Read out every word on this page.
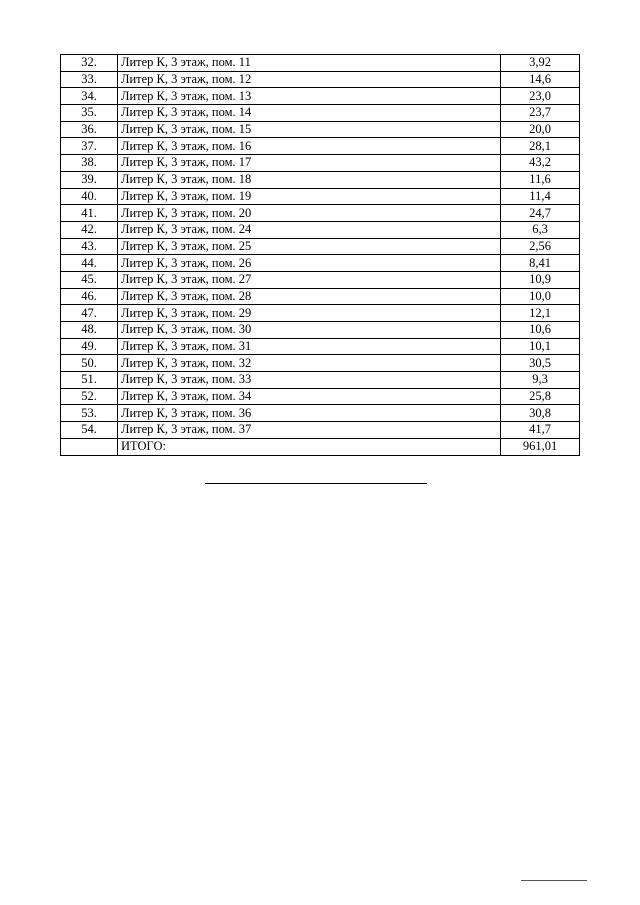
32.	Литер К, 3 этаж, пом. 11	3,92
33.	Литер К, 3 этаж, пом. 12	14,6
34.	Литер К, 3 этаж, пом. 13	23,0
35.	Литер К, 3 этаж, пом. 14	23,7
36.	Литер К, 3 этаж, пом. 15	20,0
37.	Литер К, 3 этаж, пом. 16	28,1
38.	Литер К, 3 этаж, пом. 17	43,2
39.	Литер К, 3 этаж, пом. 18	11,6
40.	Литер К, 3 этаж, пом. 19	11,4
41.	Литер К, 3 этаж, пом. 20	24,7
42.	Литер К, 3 этаж, пом. 24	6,3
43.	Литер К, 3 этаж, пом. 25	2,56
44.	Литер К, 3 этаж, пом. 26	8,41
45.	Литер К, 3 этаж, пом. 27	10,9
46.	Литер К, 3 этаж, пом. 28	10,0
47.	Литер К, 3 этаж, пом. 29	12,1
48.	Литер К, 3 этаж, пом. 30	10,6
49.	Литер К, 3 этаж, пом. 31	10,1
50.	Литер К, 3 этаж, пом. 32	30,5
51.	Литер К, 3 этаж, пом. 33	9,3
52.	Литер К, 3 этаж, пом. 34	25,8
53.	Литер К, 3 этаж, пом. 36	30,8
54.	Литер К, 3 этаж, пом. 37	41,7
	ИТОГО:	961,01
